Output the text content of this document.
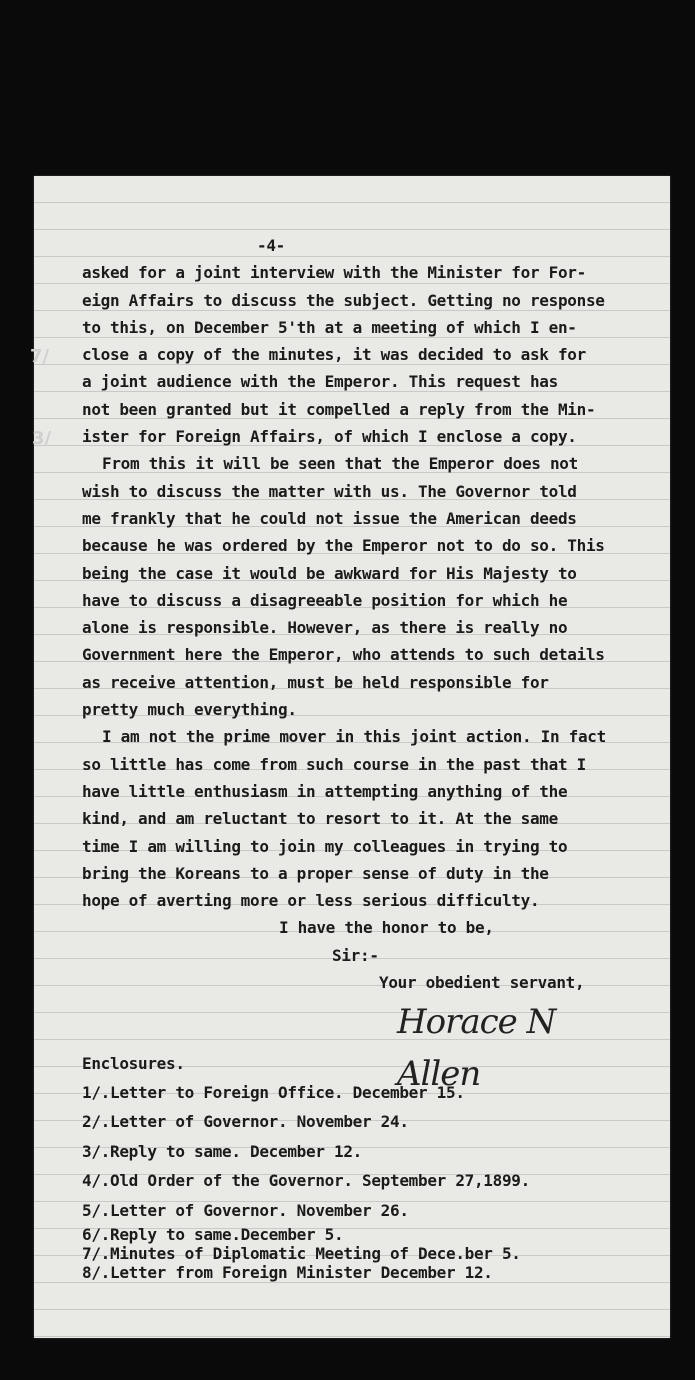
7/
3/
-4-
asked for a joint interview with the Minister for For-
eign Affairs to discuss the subject. Getting no response
to this, on December 5'th at a meeting of which I en-
close a copy of the minutes, it was decided to ask for
a joint audience with the Emperor. This request has
not been granted but it compelled a reply from the Min-
ister for Foreign Affairs, of which I enclose a copy.
From this it will be seen that the Emperor does not
wish to discuss the matter with us. The Governor told
me frankly that he could not issue the American deeds
because he was ordered by the Emperor not to do so. This
being the case it would be awkward for His Majesty to
have to discuss a disagreeable position for which he
alone is responsible. However, as there is really no
Government here the Emperor, who attends to such details
as receive attention, must be held responsible for
pretty much everything.
I am not the prime mover in this joint action. In fact
so little has come from such course in the past that I
have little enthusiasm in attempting anything of the
kind, and am reluctant to resort to it. At the same
time I am willing to join my colleagues in trying to
bring the Koreans to a proper sense of duty in the
hope of averting more or less serious difficulty.
I have the honor to be,
Sir:-
Your obedient servant,
Horace N Allen
Enclosures.
1/.Letter to Foreign Office. December 15.
2/.Letter of Governor. November 24.
3/.Reply to same. December 12.
4/.Old Order of the Governor. September 27,1899.
5/.Letter of Governor. November 26.
6/.Reply to same.December 5.
7/.Minutes of Diplomatic Meeting of Dece.ber 5.
8/.Letter from Foreign Minister December 12.
